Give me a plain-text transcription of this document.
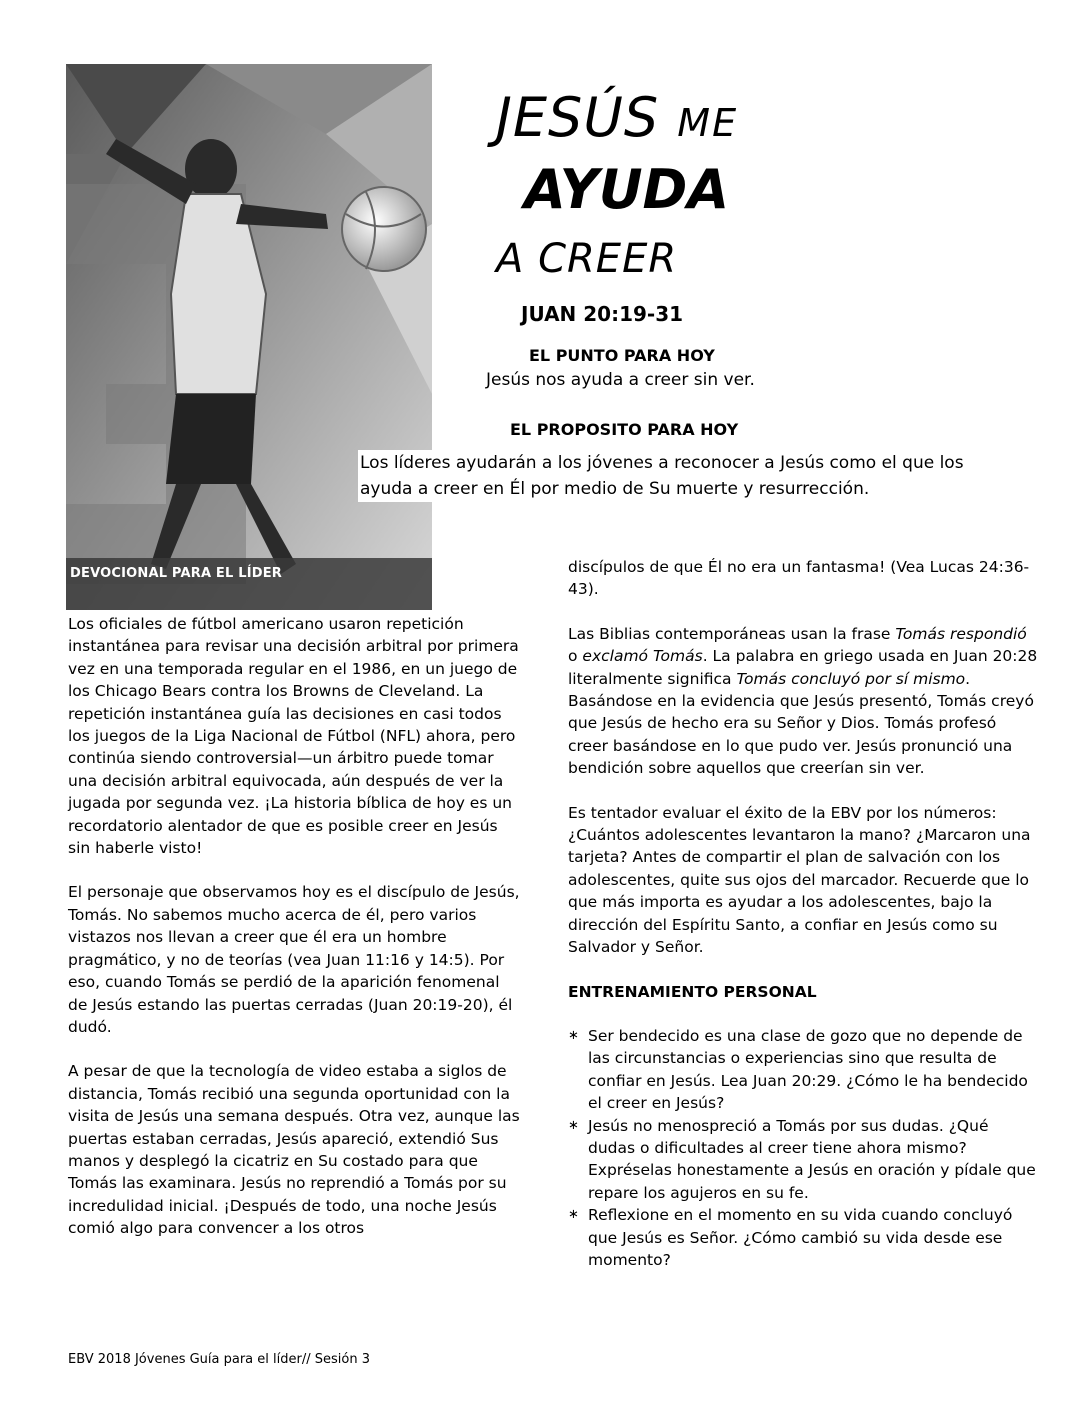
JESÚS ME
AYUDA
A CREER
JUAN 20:19-31
EL PUNTO PARA HOY
Jesús nos ayuda a creer sin ver.
EL PROPOSITO PARA HOY
Los líderes ayudarán a los jóvenes a reconocer a Jesús como el que los ayuda a creer en Él por medio de Su muerte y resurrección.
DEVOCIONAL PARA EL LÍDER

Los oficiales de fútbol americano usaron repetición instantánea para revisar una decisión arbitral por primera vez en una temporada regular en el 1986, en un juego de los Chicago Bears contra los Browns de Cleveland. La repetición instantánea guía las decisiones en casi todos los juegos de la Liga Nacional de Fútbol (NFL) ahora, pero continúa siendo controversial—un árbitro puede tomar una decisión arbitral equivocada, aún después de ver la jugada por segunda vez. ¡La historia bíblica de hoy es un recordatorio alentador de que es posible creer en Jesús sin haberle visto!

El personaje que observamos hoy es el discípulo de Jesús, Tomás. No sabemos mucho acerca de él, pero varios vistazos nos llevan a creer que él era un hombre pragmático, y no de teorías (vea Juan 11:16 y 14:5). Por eso, cuando Tomás se perdió de la aparición fenomenal de Jesús estando las puertas cerradas (Juan 20:19-20), él dudó.

A pesar de que la tecnología de video estaba a siglos de distancia, Tomás recibió una segunda oportunidad con la visita de Jesús una semana después. Otra vez, aunque las puertas estaban cerradas, Jesús apareció, extendió Sus manos y desplegó la cicatriz en Su costado para que Tomás las examinara. Jesús no reprendió a Tomás por su incredulidad inicial. ¡Después de todo, una noche Jesús comió algo para convencer a los otros

discípulos de que Él no era un fantasma! (Vea Lucas 24:36-43).

Las Biblias contemporáneas usan la frase Tomás respondió o exclamó Tomás. La palabra en griego usada en Juan 20:28 literalmente significa Tomás concluyó por sí mismo. Basándose en la evidencia que Jesús presentó, Tomás creyó que Jesús de hecho era su Señor y Dios. Tomás profesó creer basándose en lo que pudo ver. Jesús pronunció una bendición sobre aquellos que creerían sin ver.

Es tentador evaluar el éxito de la EBV por los números: ¿Cuántos adolescentes levantaron la mano? ¿Marcaron una tarjeta? Antes de compartir el plan de salvación con los adolescentes, quite sus ojos del marcador. Recuerde que lo que más importa es ayudar a los adolescentes, bajo la dirección del Espíritu Santo, a confiar en Jesús como su Salvador y Señor.

ENTRENAMIENTO PERSONAL
∗ Ser bendecido es una clase de gozo que no depende de las circunstancias o experiencias sino que resulta de confiar en Jesús. Lea Juan 20:29. ¿Cómo le ha bendecido el creer en Jesús?
∗ Jesús no menospreció a Tomás por sus dudas. ¿Qué dudas o dificultades al creer tiene ahora mismo? Expréselas honestamente a Jesús en oración y pídale que repare los agujeros en su fe.
∗ Reflexione en el momento en su vida cuando concluyó que Jesús es Señor. ¿Cómo cambió su vida desde ese momento?
EBV 2018 Jóvenes Guía para el líder// Sesión 3
